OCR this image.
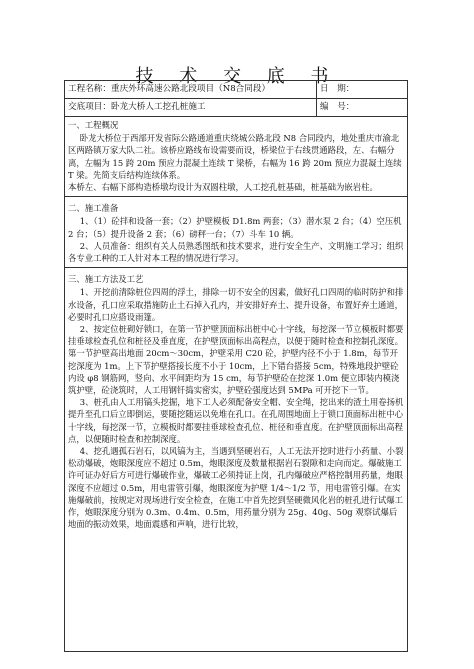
技 术 交 底 书
工程名称：重庆外环高速公路北段项目（N8合同段）	日　期：
交底项目：卧龙大桥人工挖孔桩施工	编　号：

一、工程概况

卧龙大桥位于西部开发省际公路通道重庆绕城公路北段 N8 合同段内，地处重庆市渝北区两路镇万家大队二社。该桥应路线布设需要而设，桥梁位于右线贯通路段，左、右幅分离，左幅为 15 跨 20m 预应力混凝土连续 T 梁桥，右幅为 16 跨 20m 预应力混凝土连续 T 梁。先简支后结构连续体系。

本桥左、右幅下部构造桥墩均设计为双圆柱墩，人工挖孔桩基础，桩基础为嵌岩柱。

二、施工准备

1、（1）砼拌和设备一套；（2）护壁模板 D1.8m 两套；（3）潜水泵 2 台；（4）空压机 2 台；（5）提升设备 2 套；（6）磅秤一台；（7）斗车 10 辆。

2、人员准备：组织有关人员熟悉图纸和技术要求，进行安全生产、文明施工学习；组织各专业工种的工人针对本工程的情况进行学习。

三、施工方法及工艺

1、开挖前清除桩位四周的浮土，排除一切不安全的因素，做好孔口四周的临时防护和排水设备，孔口应采取措施防止土石掉入孔内，并安排好弃土、提升设备，布置好弃土通道，必要时孔口应搭设雨篷。

2、按定位桩砌好锁口，在第一节护壁顶面标出桩中心十字线，每挖深一节立模板时都要挂垂球检查孔位和桩径及垂直度，在护壁顶面标出高程点，以便于随时检查和控制孔深度。第一节护壁高出地面 20cm～30cm，护壁采用 C20 砼，护壁内径不小于 1.8m，每节开挖深度为 1m。上下节护壁搭接长度不小于 10cm，上下错台搭接 5cm，特殊地段护壁砼内设 φ8 钢筋网，竖向、水平间距均为 15 cm，每节护壁砼在挖深 1.0m 便立即装内模浇筑护壁，砼浇筑时，人工用钢钎捣实密实，护壁砼强度达到 5MPa 可开挖下一节。

3、桩孔由人工用镐头挖掘，地下工人必须配备安全帽、安全绳，挖出来的渣土用卷扬机提升至孔口后立即倒运，要随挖随运以免堆在孔口。在孔周围地面上于锁口顶面标出桩中心十字线，每挖深一节，立模板时都要挂垂球检查孔位、桩径和垂直度。在护壁顶面标出高程点，以便随时检查和控制深度。

4、挖孔遇孤石岩石，以风镐为主，当遇到坚硬岩石，人工无法开挖时进行小药量、小裂松动爆破，炮眼深度应不超过 0.5m，炮眼深度及数量根据岩石裂隙和走向而定。爆破施工许可证办好后方可进行爆破作业，爆破工必须持证上岗，孔内爆破应严格控制用药量，炮眼深度不应超过 0.5m，用电雷管引爆，炮眼深度为护壁 1/4～1/2 节，用电雷管引爆。在实施爆破前，按规定对现场进行安全检查，在施工中首先挖到坚硬微风化岩的桩孔进行试爆工作，炮眼深度分别为 0.3m、0.4m、0.5m，用药量分别为 25g、40g、50g 观察试爆后地面的振动效果，地面震感和声响，进行比较，
